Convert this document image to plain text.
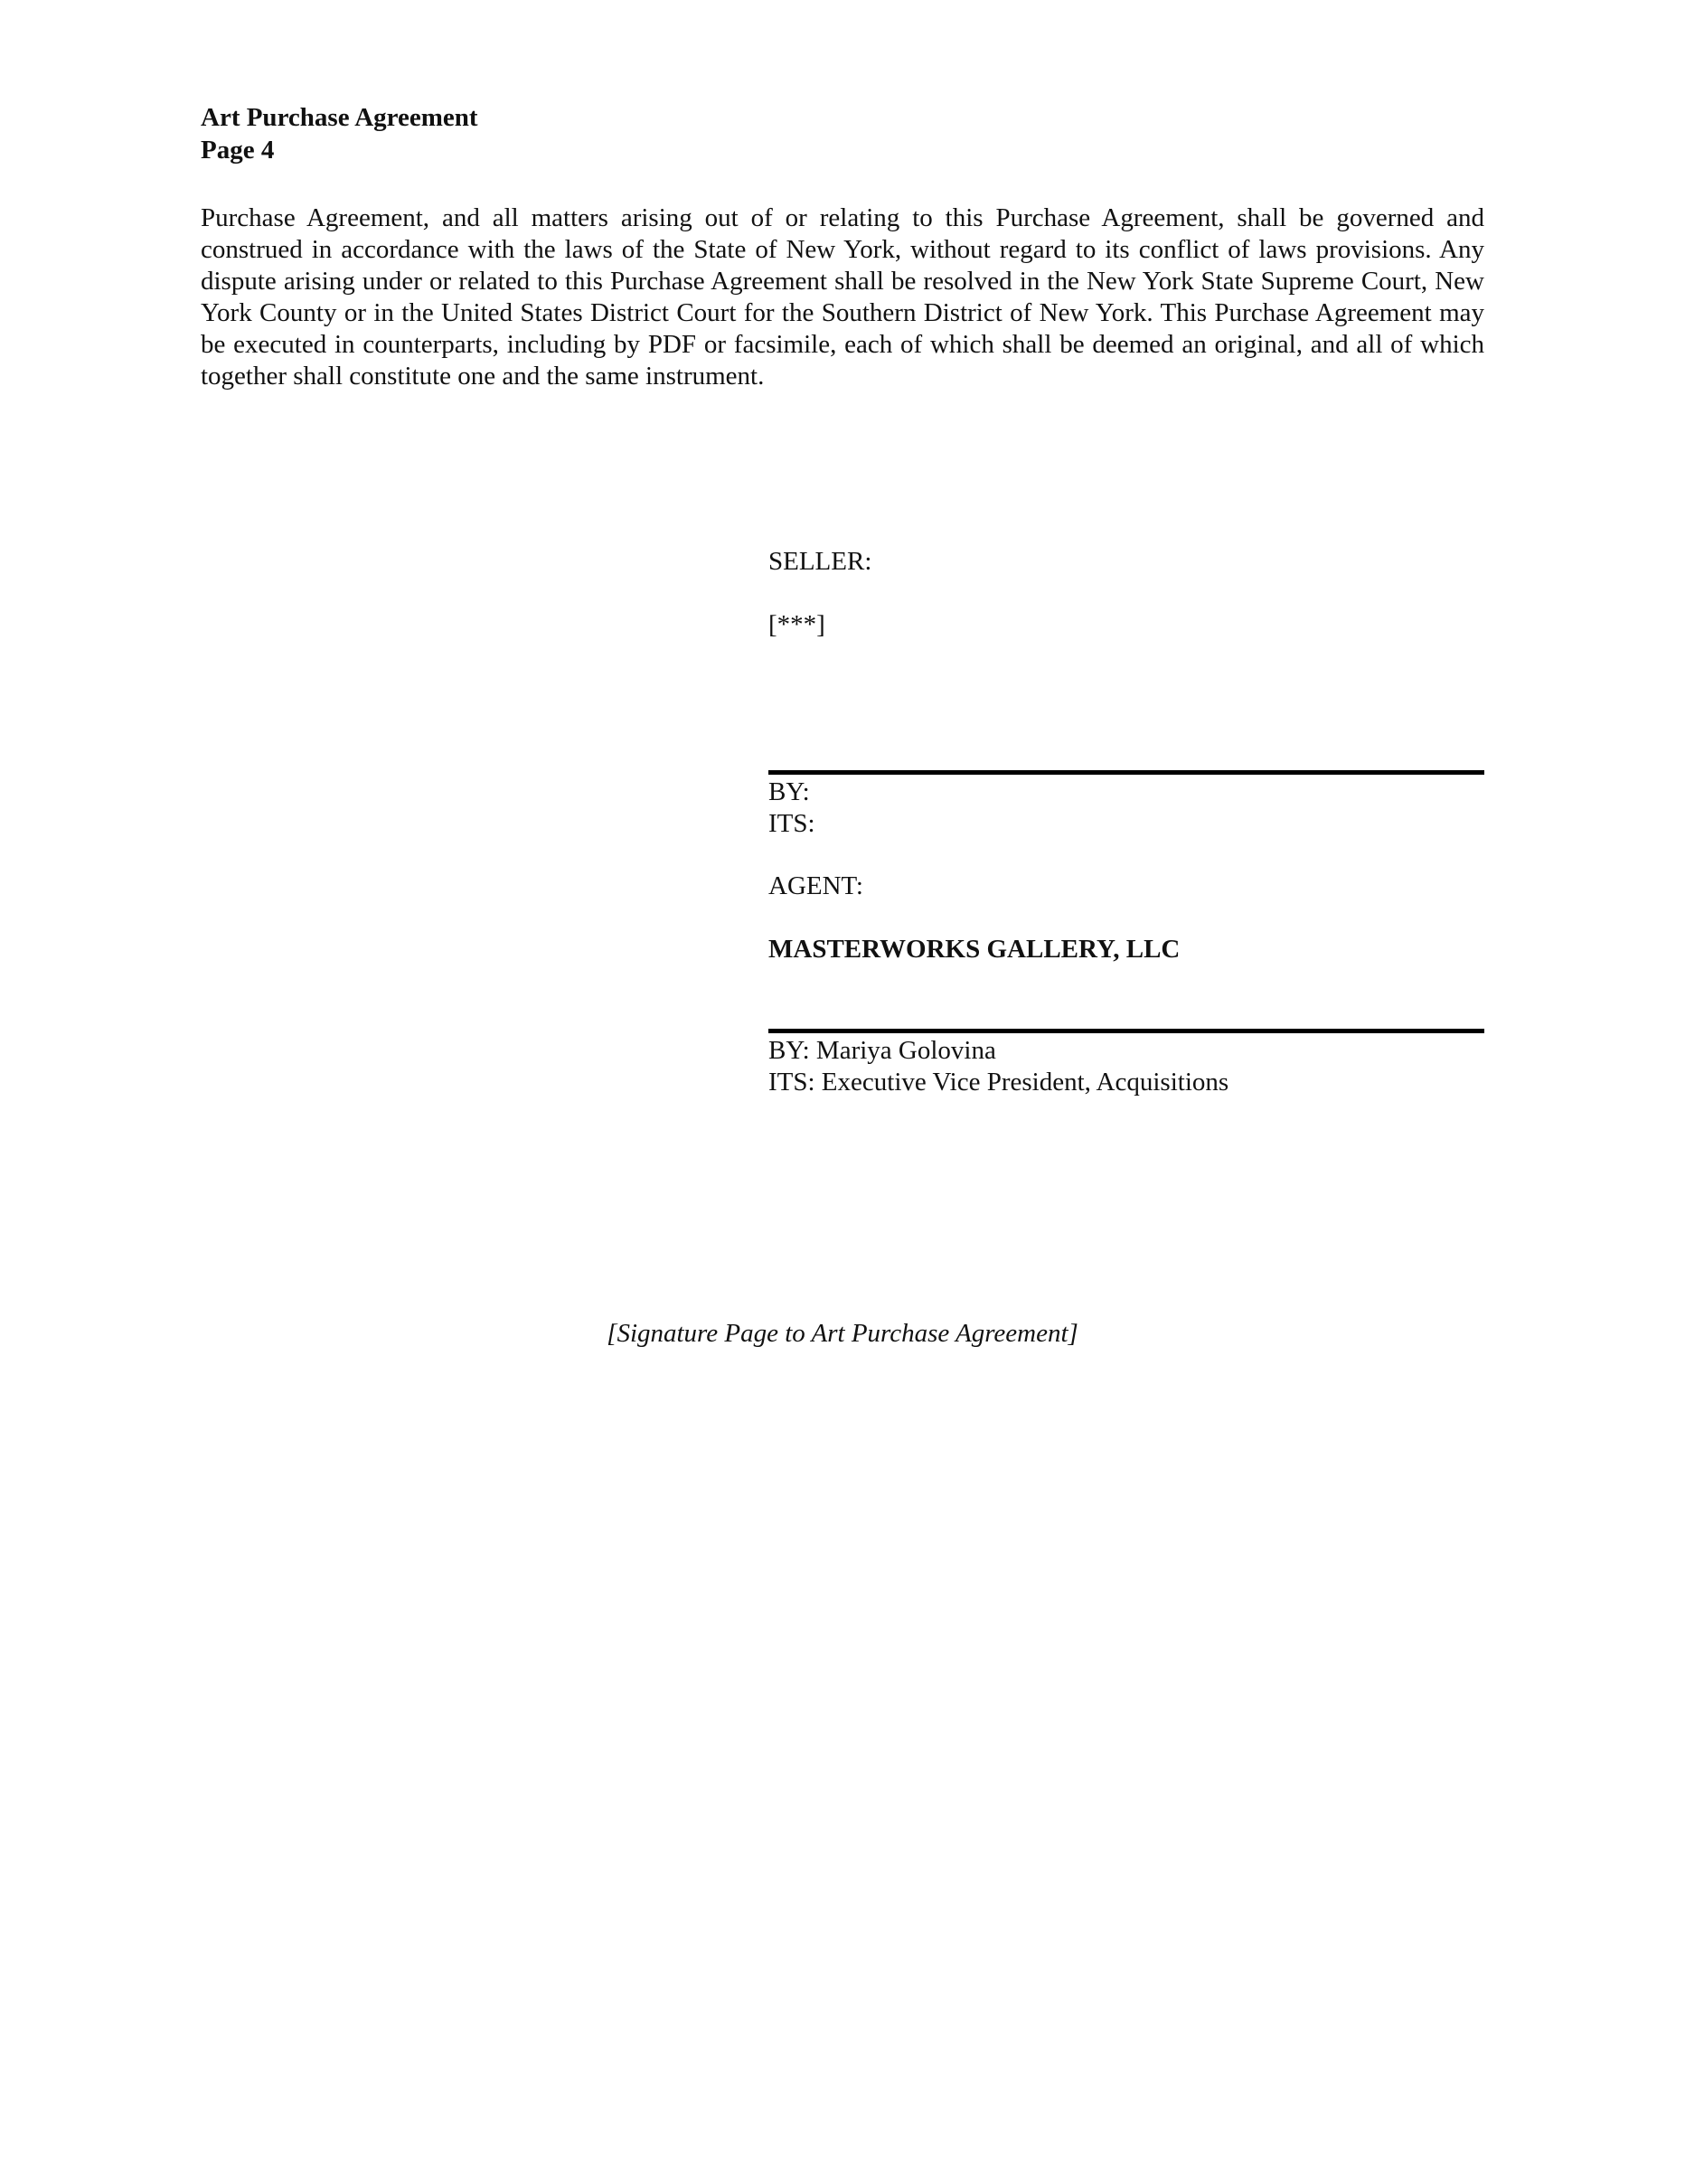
Art Purchase Agreement
Page 4

Purchase Agreement, and all matters arising out of or relating to this Purchase Agreement, shall be governed and construed in accordance with the laws of the State of New York, without regard to its conflict of laws provisions. Any dispute arising under or related to this Purchase Agreement shall be resolved in the New York State Supreme Court, New York County or in the United States District Court for the Southern District of New York. This Purchase Agreement may be executed in counterparts, including by PDF or facsimile, each of which shall be deemed an original, and all of which together shall constitute one and the same instrument.

SELLER:
[***]
BY:
ITS:
AGENT:
MASTERWORKS GALLERY, LLC
BY: Mariya Golovina
ITS: Executive Vice President, Acquisitions
[Signature Page to Art Purchase Agreement]
